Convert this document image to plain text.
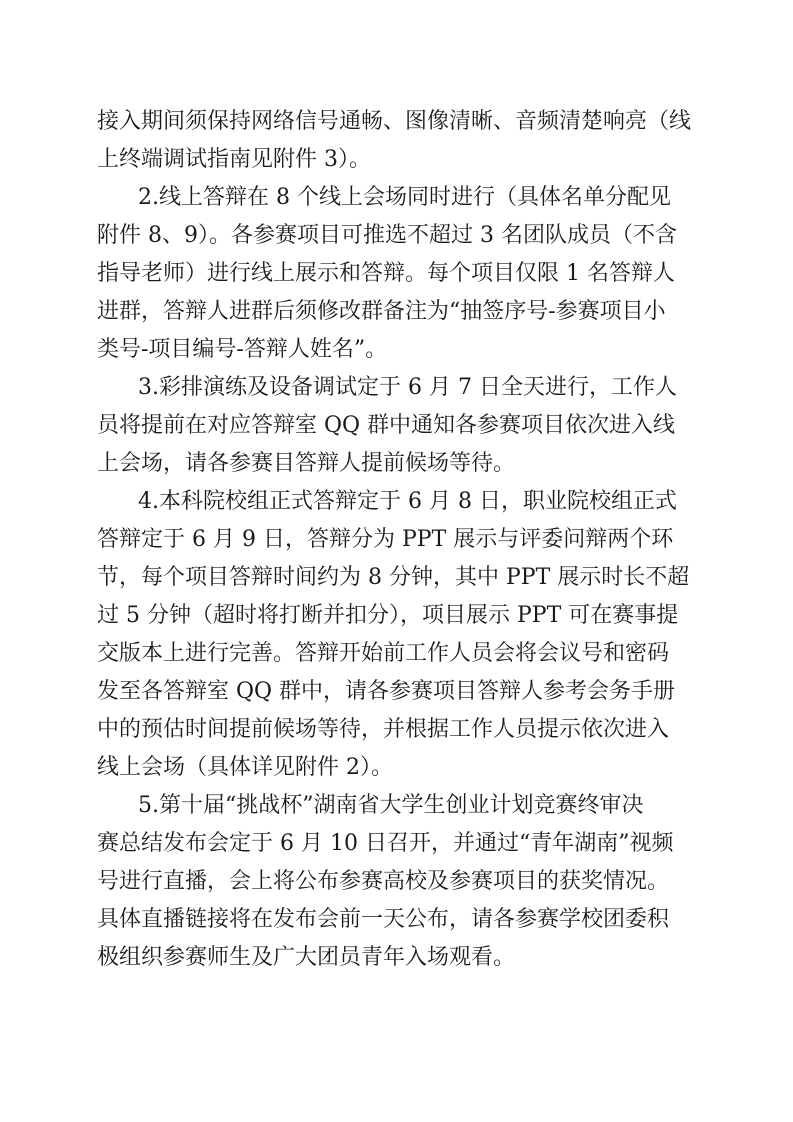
接入期间须保持网络信号通畅、图像清晰、音频清楚响亮（线
上终端调试指南见附件 3）。
2.线上答辩在 8 个线上会场同时进行（具体名单分配见
附件 8、9）。各参赛项目可推选不超过 3 名团队成员（不含
指导老师）进行线上展示和答辩。每个项目仅限 1 名答辩人
进群，答辩人进群后须修改群备注为“抽签序号-参赛项目小
类号-项目编号-答辩人姓名”。
3.彩排演练及设备调试定于 6 月 7 日全天进行，工作人
员将提前在对应答辩室 QQ 群中通知各参赛项目依次进入线
上会场，请各参赛目答辩人提前候场等待。
4.本科院校组正式答辩定于 6 月 8 日，职业院校组正式
答辩定于 6 月 9 日，答辩分为 PPT 展示与评委问辩两个环
节，每个项目答辩时间约为 8 分钟，其中 PPT 展示时长不超
过 5 分钟（超时将打断并扣分），项目展示 PPT 可在赛事提
交版本上进行完善。答辩开始前工作人员会将会议号和密码
发至各答辩室 QQ 群中，请各参赛项目答辩人参考会务手册
中的预估时间提前候场等待，并根据工作人员提示依次进入
线上会场（具体详见附件 2）。
5.第十届“挑战杯”湖南省大学生创业计划竞赛终审决
赛总结发布会定于 6 月 10 日召开，并通过“青年湖南”视频
号进行直播，会上将公布参赛高校及参赛项目的获奖情况。
具体直播链接将在发布会前一天公布，请各参赛学校团委积
极组织参赛师生及广大团员青年入场观看。
